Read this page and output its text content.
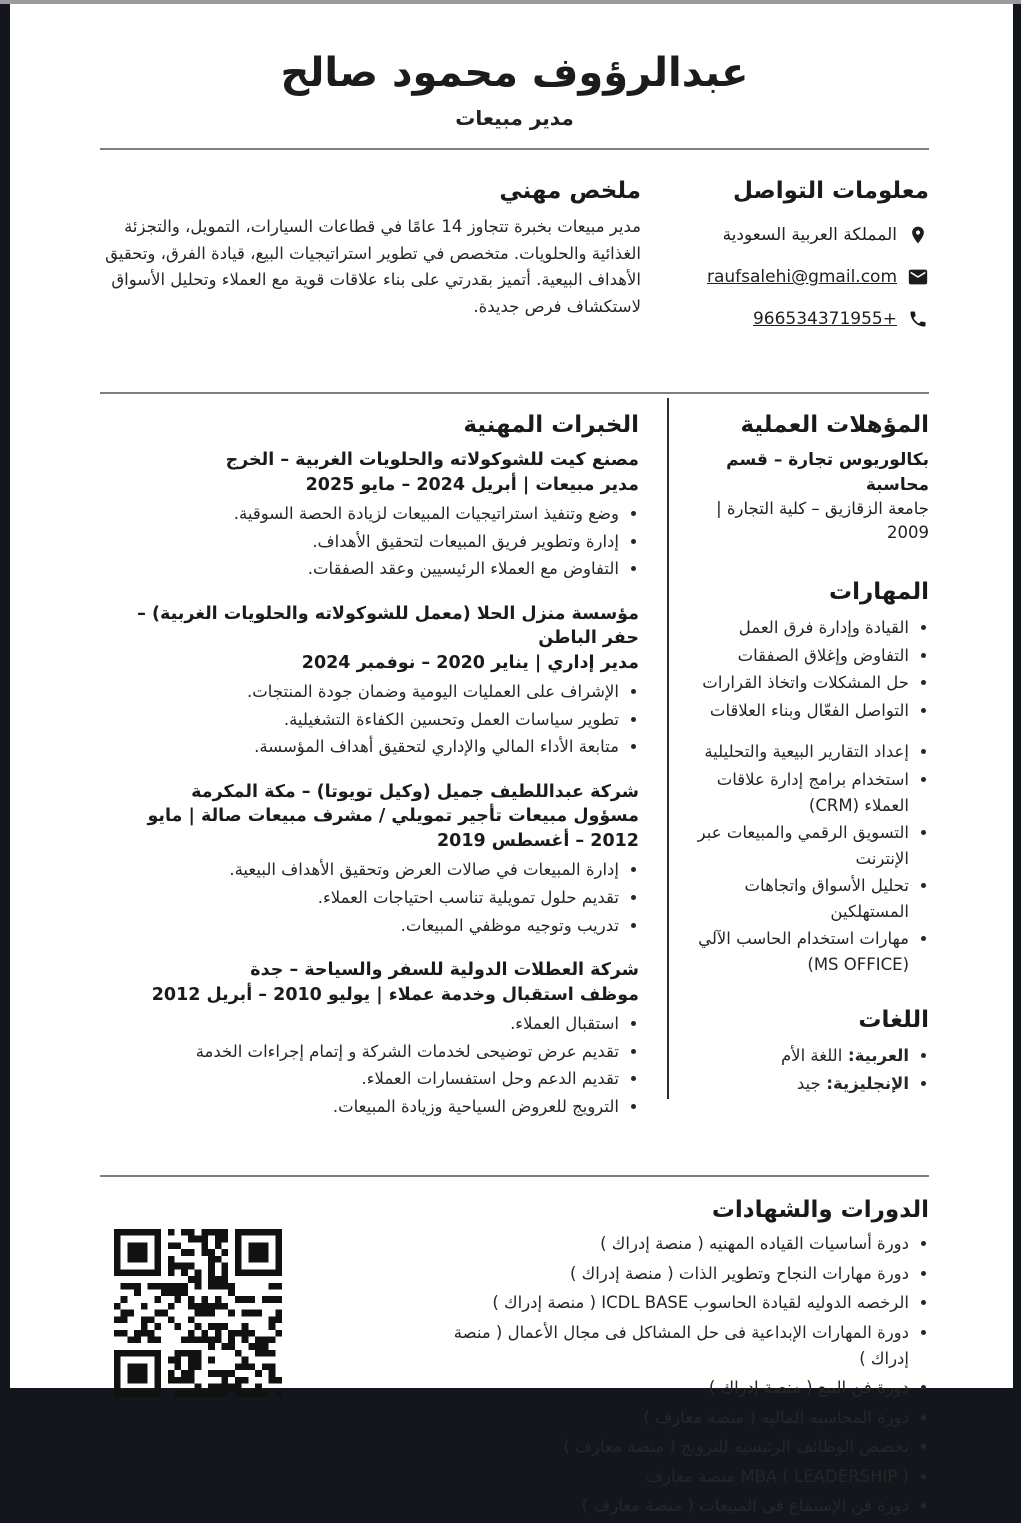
عبدالرؤوف محمود صالح
مدير مبيعات
معلومات التواصل
المملكة العربية السعودية
raufsalehi@gmail.com
+966534371955
ملخص مهني

مدير مبيعات بخبرة تتجاوز 14 عامًا في قطاعات السيارات، التمويل، والتجزئة الغذائية والحلويات. متخصص في تطوير استراتيجيات البيع، قيادة الفرق، وتحقيق الأهداف البيعية. أتميز بقدرتي على بناء علاقات قوية مع العملاء وتحليل الأسواق لاستكشاف فرص جديدة.

المؤهلات العملية

بكالوريوس تجارة – قسم محاسبة

جامعة الزقازيق – كلية التجارة | 2009

المهارات
• القيادة وإدارة فرق العمل
• التفاوض وإغلاق الصفقات
• حل المشكلات واتخاذ القرارات
• التواصل الفعّال وبناء العلاقات
• إعداد التقارير البيعية والتحليلية
• استخدام برامج إدارة علاقات العملاء (CRM)
• التسويق الرقمي والمبيعات عبر الإنترنت
• تحليل الأسواق واتجاهات المستهلكين
• مهارات استخدام الحاسب الآلي (MS OFFICE)
اللغات
• العربية : اللغة الأم
• الإنجليزية : جيد
الخبرات المهنية
مصنع كيت للشوكولاته والحلويات الغربية – الخرج
مدير مبيعات | أبريل 2024 – مايو 2025
• وضع وتنفيذ استراتيجيات المبيعات لزيادة الحصة السوقية.
• إدارة وتطوير فريق المبيعات لتحقيق الأهداف.
• التفاوض مع العملاء الرئيسيين وعقد الصفقات.
مؤسسة منزل الحلا (معمل للشوكولاته والحلويات الغربية) – حفر الباطن
مدير إداري | يناير 2020 – نوفمبر 2024
• الإشراف على العمليات اليومية وضمان جودة المنتجات.
• تطوير سياسات العمل وتحسين الكفاءة التشغيلية.
• متابعة الأداء المالي والإداري لتحقيق أهداف المؤسسة.
شركة عبداللطيف جميل (وكيل تويوتا) – مكة المكرمة
مسؤول مبيعات تأجير تمويلي / مشرف مبيعات صالة | مايو 2012 – أغسطس 2019
• إدارة المبيعات في صالات العرض وتحقيق الأهداف البيعية.
• تقديم حلول تمويلية تناسب احتياجات العملاء.
• تدريب وتوجيه موظفي المبيعات.
شركة العطلات الدولية للسفر والسياحة – جدة
موظف استقبال وخدمة عملاء | يوليو 2010 – أبريل 2012
• استقبال العملاء.
• تقديم عرض توضيحى لخدمات الشركة و إتمام إجراءات الخدمة
• تقديم الدعم وحل استفسارات العملاء.
• الترويج للعروض السياحية وزيادة المبيعات.
الدورات والشهادات
• دورة أساسيات القياده المهنيه ( منصة إدراك )
• دورة مهارات النجاح وتطوير الذات ( منصة إدراك )
• الرخصه الدوليه لقيادة الحاسوب ICDL BASE ( منصة إدراك )
• دورة المهارات الإبداعية فى حل المشاكل فى مجال الأعمال ( منصة إدراك )
• دورة فن البيع ( منصة إدراك )
• دورة المحاسبه الماليه ( منصة معارف )
• تخصص الوظائف الرئيسيه للترويج ( منصة معارف )
• MBA ( LEADERSHIP ) منصة معارف
• دورة فن الإستماع فى المبيعات ( منصة معارف )
